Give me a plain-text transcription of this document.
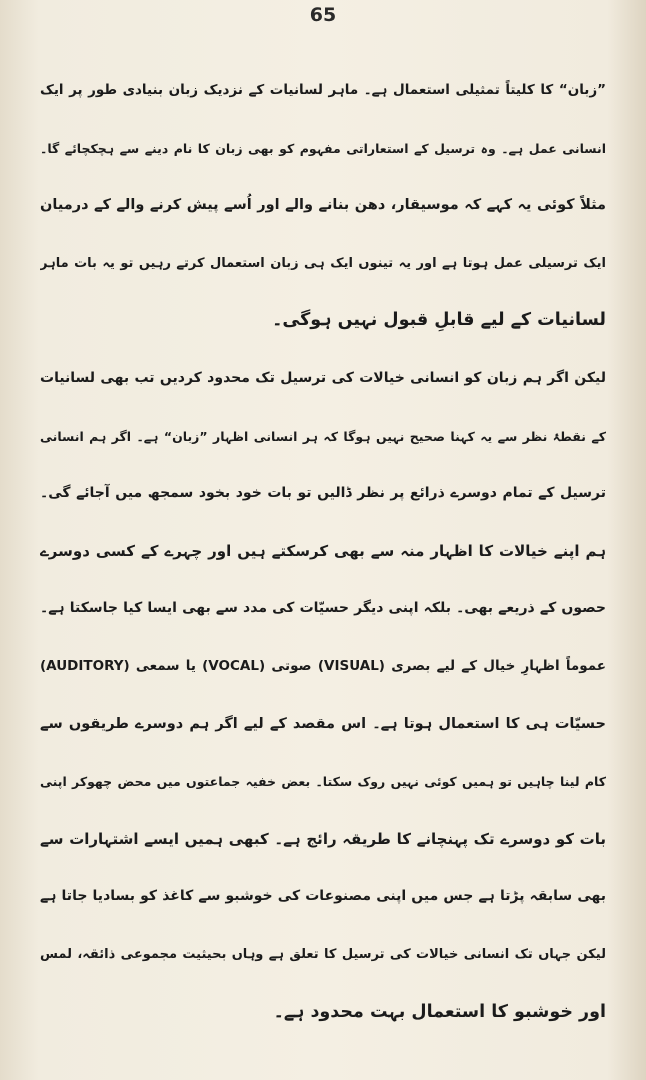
65
”زبان“ کا کلیتاً تمثیلی استعمال ہے۔ ماہر لسانیات کے نزدیک زبان بنیادی طور پر ایک
انسانی عمل ہے۔ وہ ترسیل کے استعاراتی مفہوم کو بھی زبان کا نام دینے سے ہچکچائے گا۔
مثلاً کوئی یہ کہے کہ موسیقار، دھن بنانے والے اور اُسے پیش کرنے والے کے درمیان
ایک ترسیلی عمل ہوتا ہے اور یہ تینوں ایک ہی زبان استعمال کرتے رہیں تو یہ بات ماہر
لسانیات کے لیے قابلِ قبول نہیں ہوگی۔
لیکن اگر ہم زبان کو انسانی خیالات کی ترسیل تک محدود کردیں تب بھی لسانیات
کے نقطۂ نظر سے یہ کہنا صحیح نہیں ہوگا کہ ہر انسانی اظہار ”زبان“ ہے۔ اگر ہم انسانی
ترسیل کے تمام دوسرے ذرائع پر نظر ڈالیں تو بات خود بخود سمجھ میں آجائے گی۔
ہم اپنے خیالات کا اظہار منہ سے بھی کرسکتے ہیں اور چہرے کے کسی دوسرے
حصوں کے ذریعے بھی۔ بلکہ اپنی دیگر حسیّات کی مدد سے بھی ایسا کیا جاسکتا ہے۔
عموماً اظہارِ خیال کے لیے بصری (VISUAL) صوتی (VOCAL) یا سمعی (AUDITORY)
حسیّات ہی کا استعمال ہوتا ہے۔ اس مقصد کے لیے اگر ہم دوسرے طریقوں سے
کام لینا چاہیں تو ہمیں کوئی نہیں روک سکتا۔ بعض خفیہ جماعتوں میں محض چھوکر اپنی
بات کو دوسرے تک پہنچانے کا طریقہ رائج ہے۔ کبھی ہمیں ایسے اشتہارات سے
بھی سابقہ پڑتا ہے جس میں اپنی مصنوعات کی خوشبو سے کاغذ کو بسادیا جاتا ہے
لیکن جہاں تک انسانی خیالات کی ترسیل کا تعلق ہے وہاں بحیثیت مجموعی ذائقہ، لمس
اور خوشبو کا استعمال بہت محدود ہے۔
